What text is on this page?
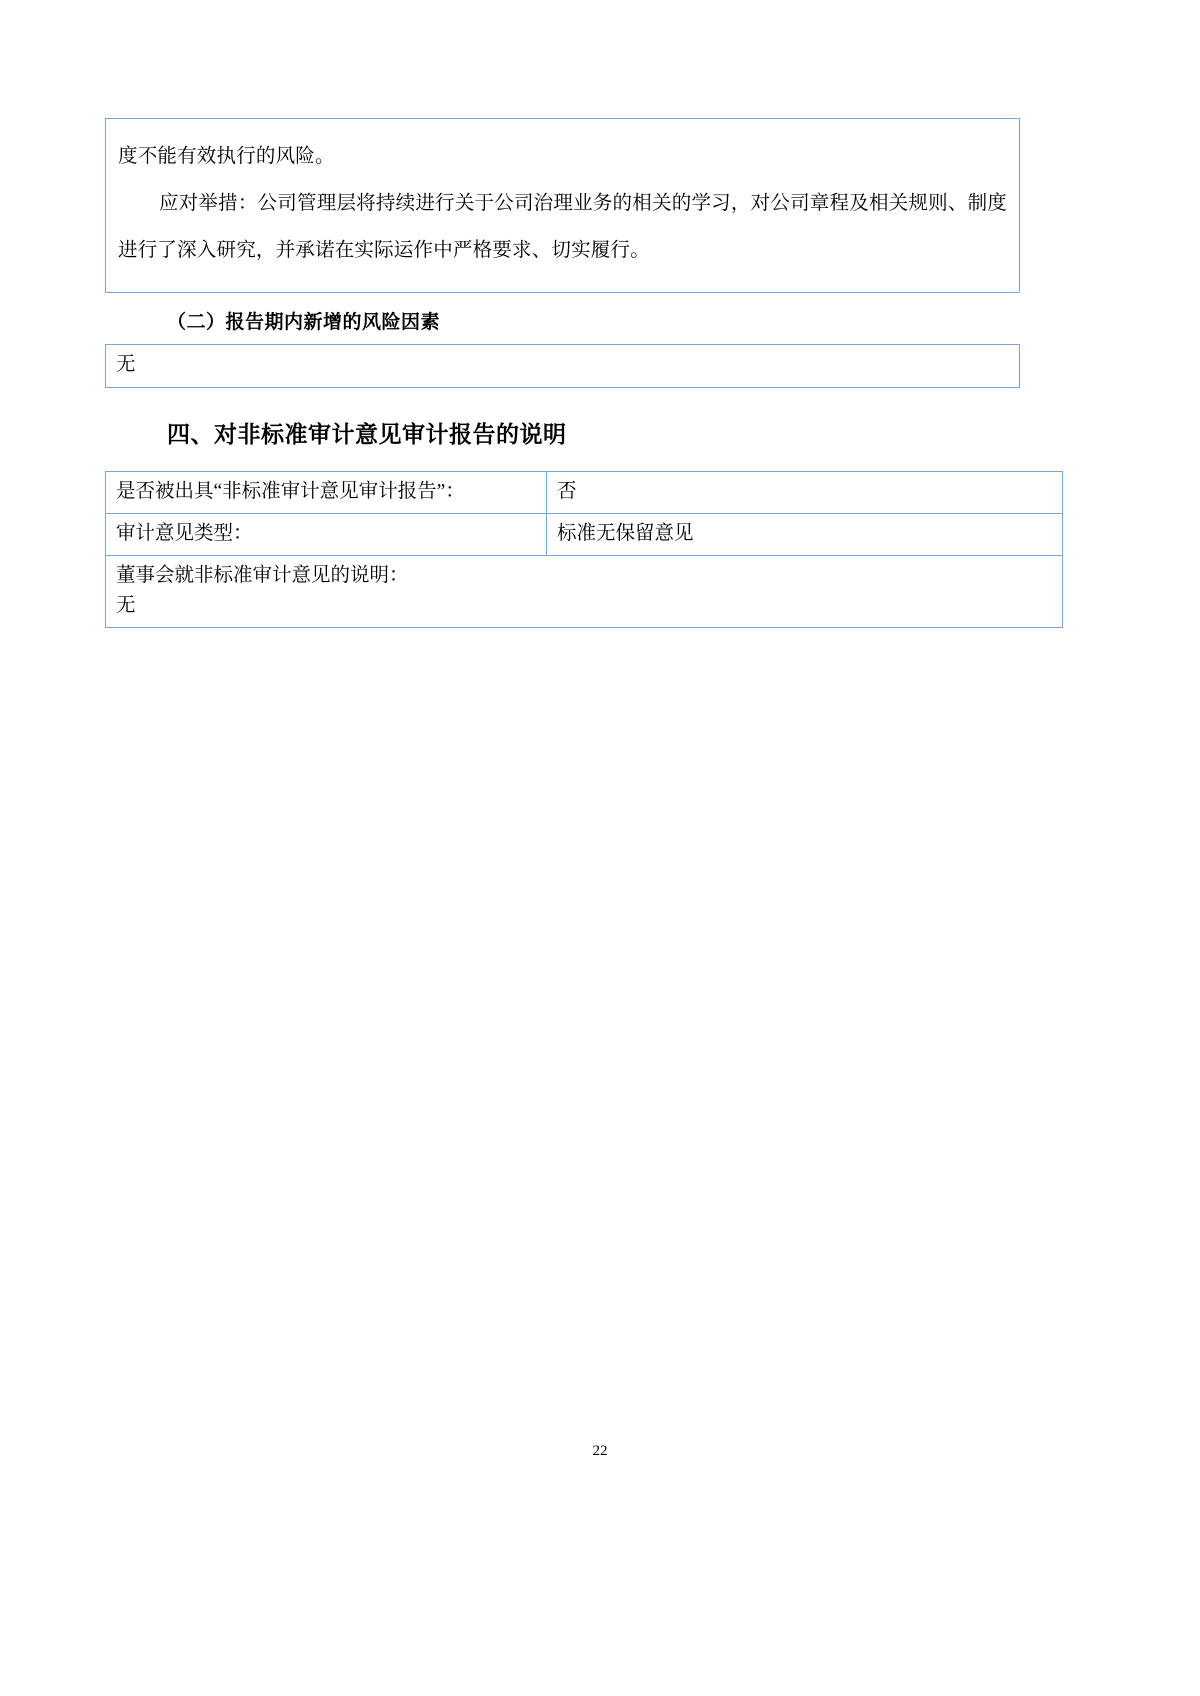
度不能有效执行的风险。
应对举措：公司管理层将持续进行关于公司治理业务的相关的学习，对公司章程及相关规则、制度进行了深入研究，并承诺在实际运作中严格要求、切实履行。
（二）报告期内新增的风险因素
无
四、对非标准审计意见审计报告的说明
是否被出具“非标准审计意见审计报告”：	否
审计意见类型：	标准无保留意见

董事会就非标准审计意见的说明：
无	
22
